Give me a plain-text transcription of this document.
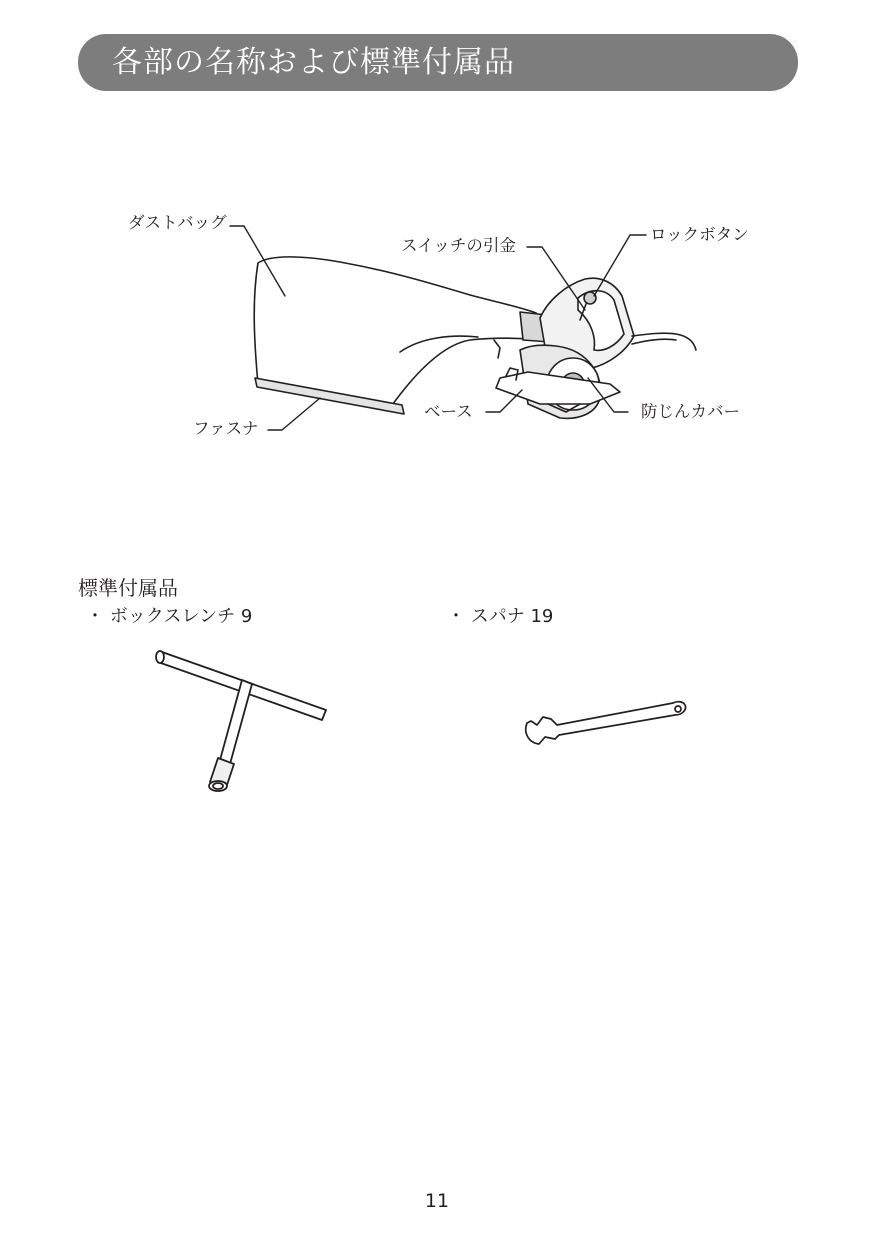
各部の名称および標準付属品
ダストバッグ
スイッチの引金
ロックボタン
ファスナ
ベース	防じんカバー
標準付属品
・ ボックスレンチ 9	・ スパナ 19
11
